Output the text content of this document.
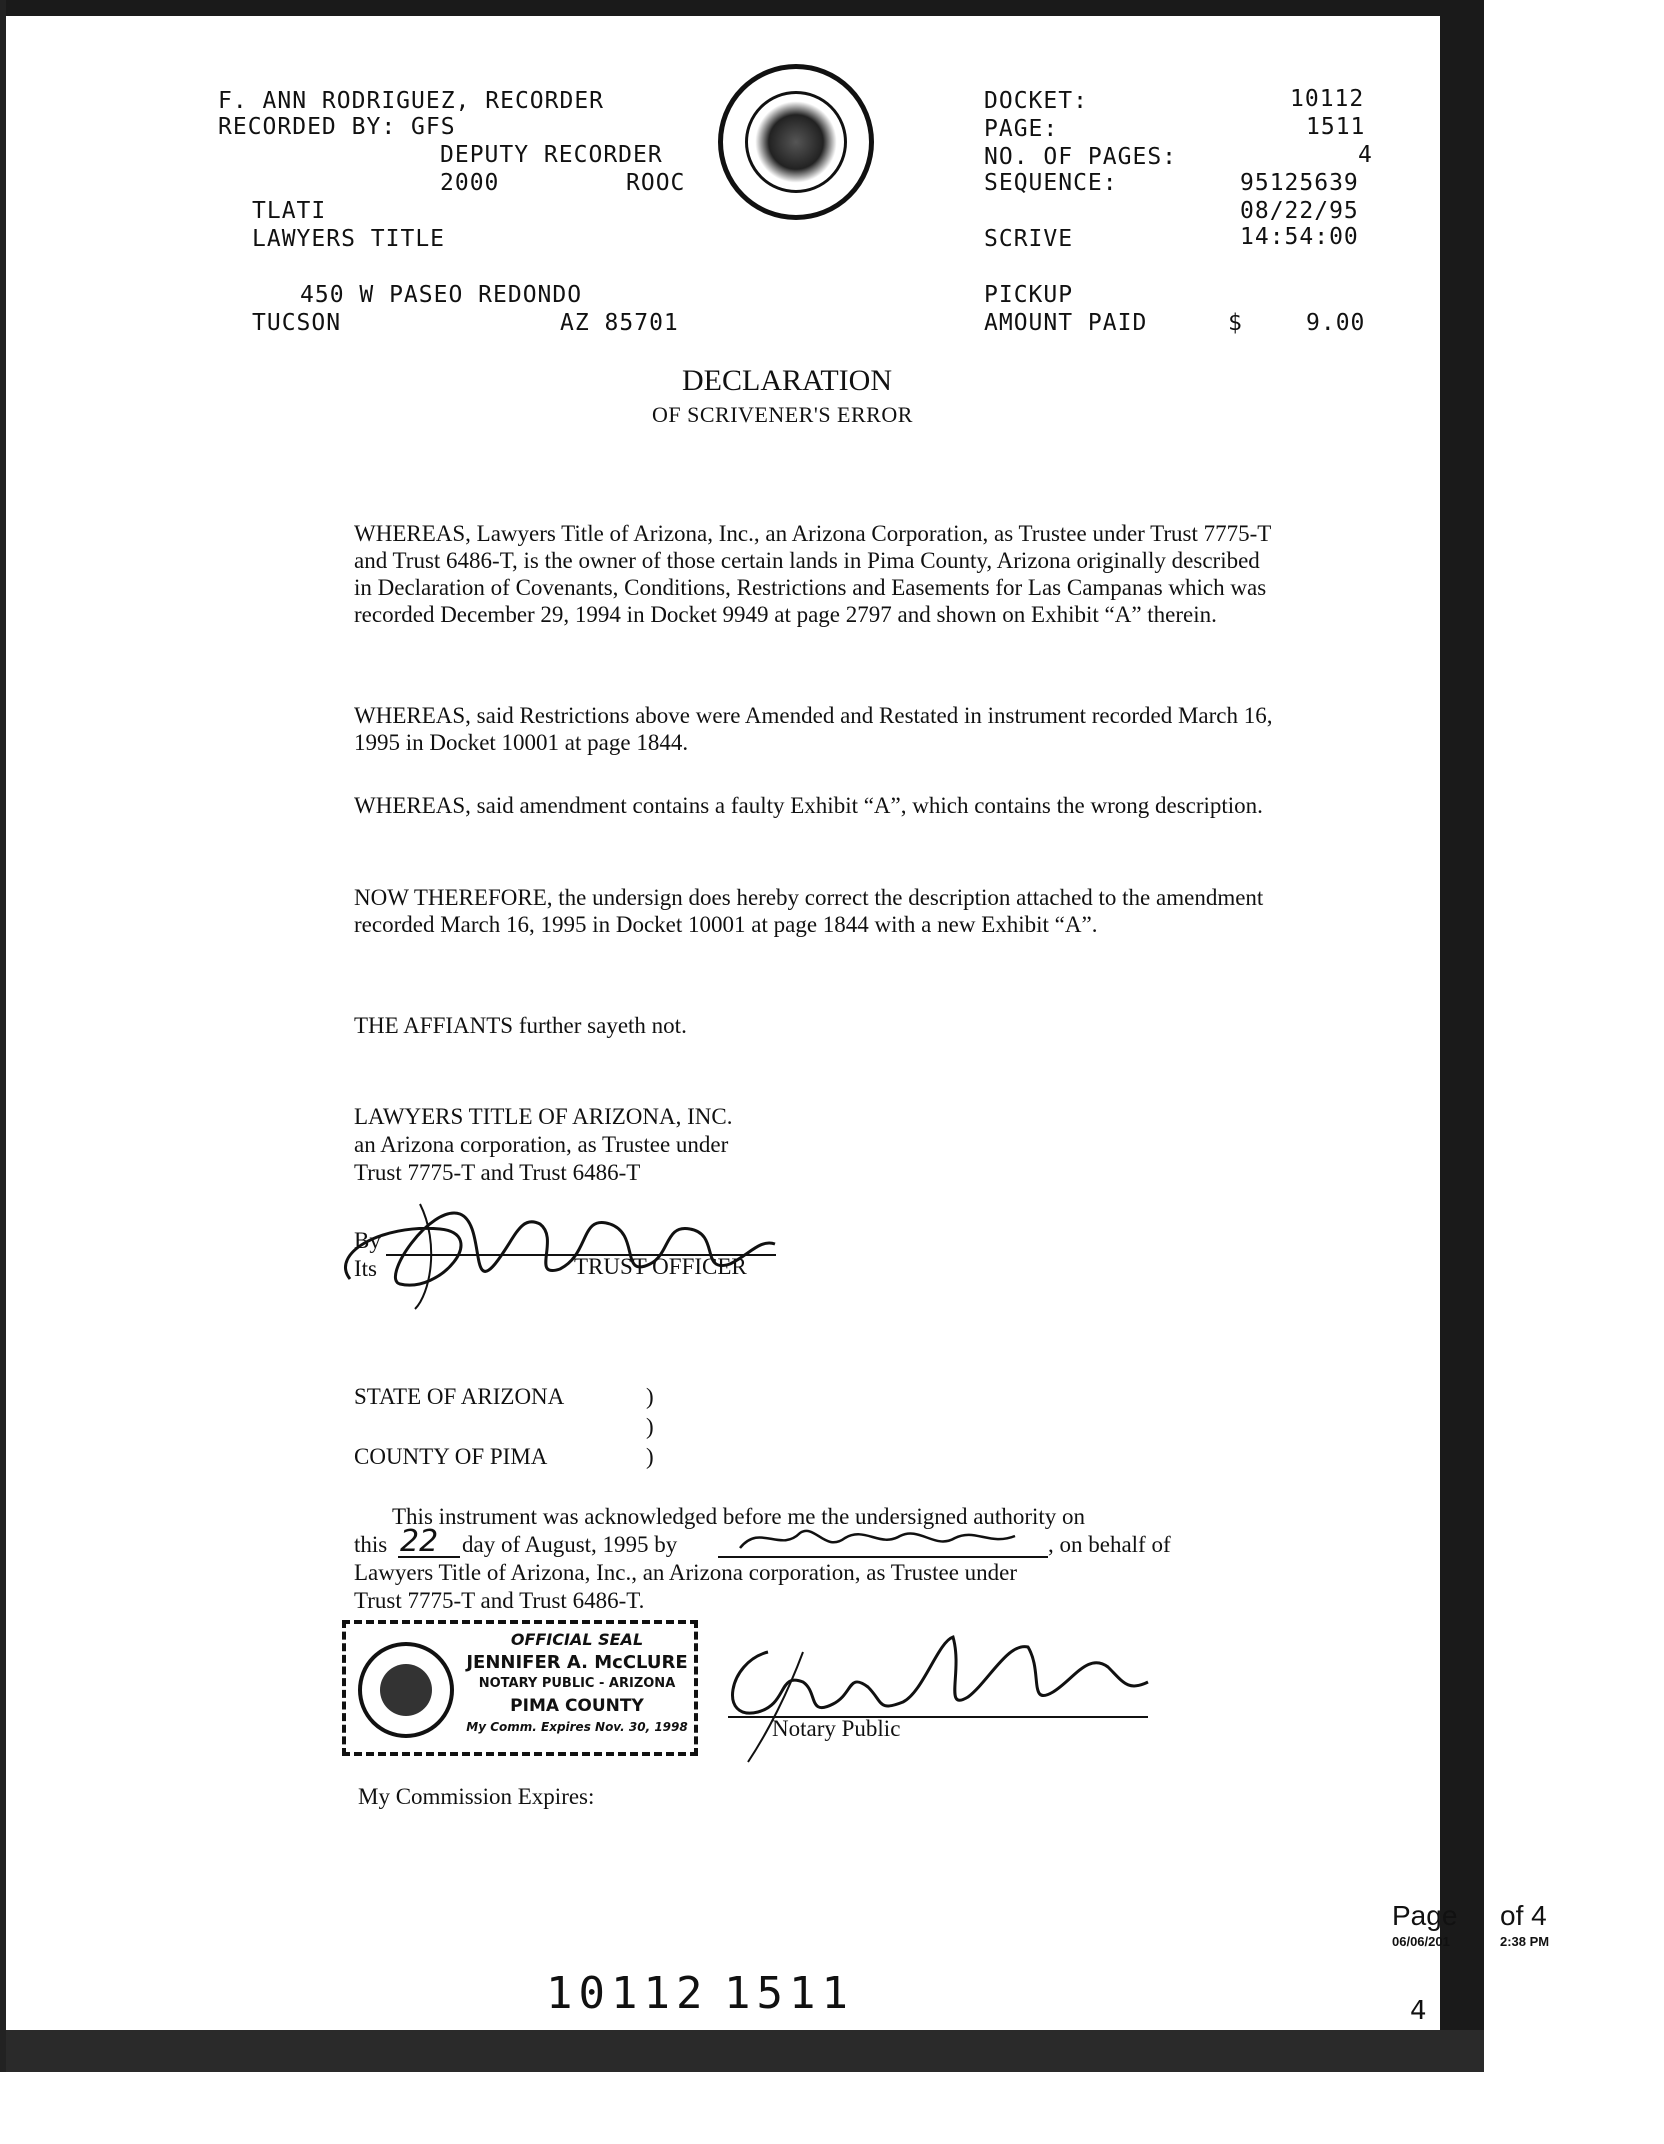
F. ANN RODRIGUEZ, RECORDER
RECORDED BY: GFS
DEPUTY RECORDER
2000	ROOC
TLATI
LAWYERS TITLE
450 W PASEO REDONDO
TUCSON	AZ 85701
DOCKET:	10112
PAGE:	1511
NO. OF PAGES:	4
SEQUENCE:	95125639
08/22/95
SCRIVE	14:54:00
PICKUP
AMOUNT PAID	$	9.00
DECLARATION
OF SCRIVENER'S ERROR

WHEREAS, Lawyers Title of Arizona, Inc., an Arizona Corporation, as Trustee under Trust 7775-T and Trust 6486-T, is the owner of those certain lands in Pima County, Arizona originally described in Declaration of Covenants, Conditions, Restrictions and Easements for Las Campanas which was recorded December 29, 1994 in Docket 9949 at page 2797 and shown on Exhibit “A” therein.

WHEREAS, said Restrictions above were Amended and Restated in instrument recorded March 16, 1995 in Docket 10001 at page 1844.

WHEREAS, said amendment contains a faulty Exhibit “A”, which contains the wrong description.

NOW THEREFORE, the undersign does hereby correct the description attached to the amendment recorded March 16, 1995 in Docket 10001 at page 1844 with a new Exhibit “A”.

THE AFFIANTS further sayeth not.

LAWYERS TITLE OF ARIZONA, INC.
an Arizona corporation, as Trustee under
Trust 7775-T and Trust 6486-T
By
Its	TRUST OFFICER
STATE OF ARIZONA	)
)
COUNTY OF PIMA	)
This instrument was acknowledged before me the undersigned authority on
this 22 day of August, 1995 by	, on behalf of
Lawyers Title of Arizona, Inc., an Arizona corporation, as Trustee under
Trust 7775-T and Trust 6486-T.
OFFICIAL SEAL
JENNIFER A. McCLURE
NOTARY PUBLIC - ARIZONA
PIMA COUNTY
My Comm. Expires Nov. 30, 1998	Notary Public
My Commission Expires:
Page of 4
06/06/201	2:38 PM
10112 1511	4
